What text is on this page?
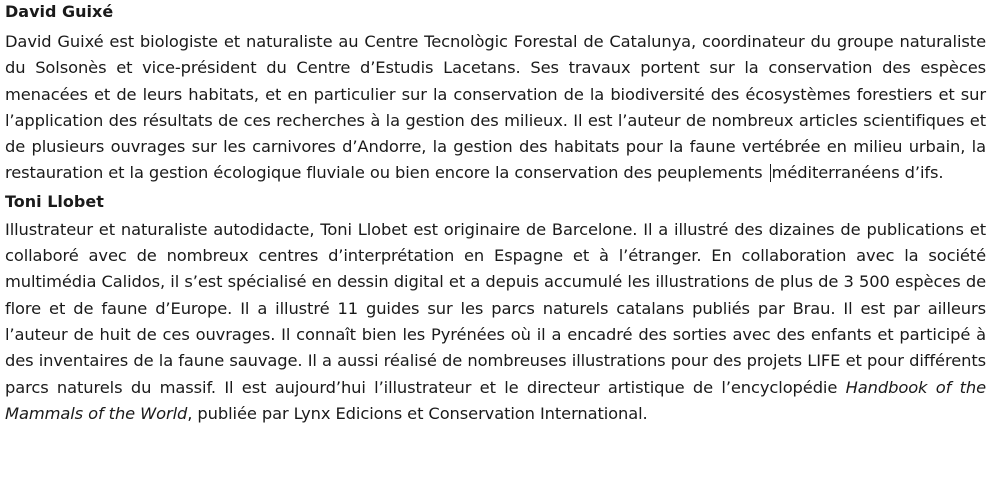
David Guixé

David Guixé est biologiste et naturaliste au Centre Tecnològic Forestal de Catalunya, coordinateur du groupe naturaliste du Solsonès et vice-président du Centre d’Estudis Lacetans. Ses travaux portent sur la conservation des espèces menacées et de leurs habitats, et en particulier sur la conservation de la biodiversité des écosystèmes forestiers et sur l’application des résultats de ces recherches à la gestion des milieux. Il est l’auteur de nombreux articles scientifiques et de plusieurs ouvrages sur les carnivores d’Andorre, la gestion des habitats pour la faune vertébrée en milieu urbain, la restauration et la gestion écologique fluviale ou bien encore la conservation des peuplements méditerranéens d’ifs.

Toni Llobet

Illustrateur et naturaliste autodidacte, Toni Llobet est originaire de Barcelone. Il a illustré des dizaines de publications et collaboré avec de nombreux centres d’interprétation en Espagne et à l’étranger. En collaboration avec la société multimédia Calidos, il s’est spécialisé en dessin digital et a depuis accumulé les illustrations de plus de 3 500 espèces de flore et de faune d’Europe. Il a illustré 11 guides sur les parcs naturels catalans publiés par Brau. Il est par ailleurs l’auteur de huit de ces ouvrages. Il connaît bien les Pyrénées où il a encadré des sorties avec des enfants et participé à des inventaires de la faune sauvage. Il a aussi réalisé de nombreuses illustrations pour des projets LIFE et pour différents parcs naturels du massif. Il est aujourd’hui l’illustrateur et le directeur artistique de l’encyclopédie Handbook of the Mammals of the World, publiée par Lynx Edicions et Conservation International.
